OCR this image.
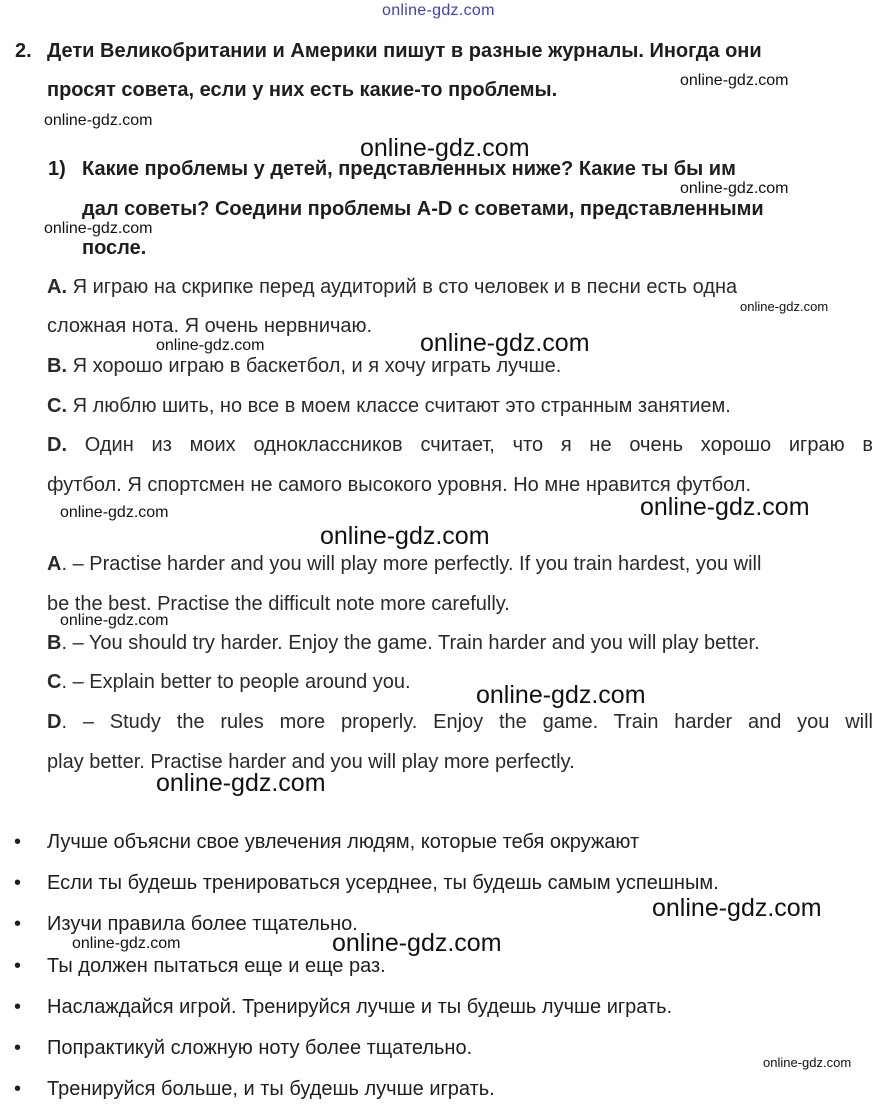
online-gdz.com
2. Дети Великобритании и Америки пишут в разные журналы. Иногда они
просят совета, если у них есть какие-то проблемы.	online-gdz.com
online-gdz.com
online-gdz.com
1) Какие проблемы у детей, представленных ниже? Какие ты бы им
online-gdz.com
дал советы? Соедини проблемы A-D с советами, представленными
online-gdz.com
после.
A. Я играю на скрипке перед аудиторий в сто человек и в песни есть одна
online-gdz.com
сложная нота. Я очень нервничаю.
online-gdz.com	online-gdz.com
B. Я хорошо играю в баскетбол, и я хочу играть лучше.
C. Я люблю шить, но все в моем классе считают это странным занятием.
D. Один из моих одноклассников считает, что я не очень хорошо играю в
футбол. Я спортсмен не самого высокого уровня. Но мне нравится футбол.
online-gdz.com	online-gdz.com
online-gdz.com
A. – Practise harder and you will play more perfectly. If you train hardest, you will
be the best. Practise the difficult note more carefully.
online-gdz.com
B. – You should try harder. Enjoy the game. Train harder and you will play better.
C. – Explain better to people around you.	online-gdz.com
D. – Study the rules more properly. Enjoy the game. Train harder and you will
play better. Practise harder and you will play more perfectly.
online-gdz.com
• Лучше объясни свое увлечения людям, которые тебя окружают
• Если ты будешь тренироваться усерднее, ты будешь самым успешным.
online-gdz.com
• Изучи правила более тщательно.
online-gdz.com	online-gdz.com
• Ты должен пытаться еще и еще раз.
• Наслаждайся игрой. Тренируйся лучше и ты будешь лучше играть.
• Попрактикуй сложную ноту более тщательно.
online-gdz.com
• Тренируйся больше, и ты будешь лучше играть.
